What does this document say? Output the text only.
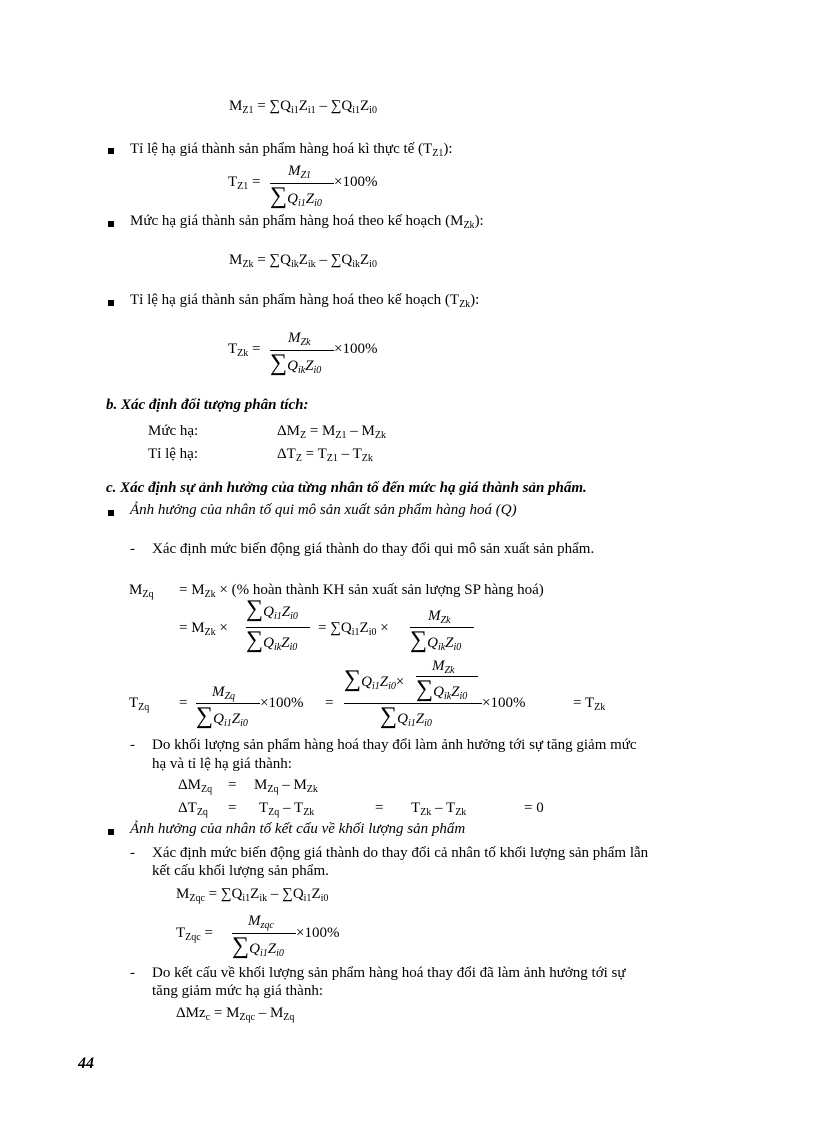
$M_{Z1} = \sum Q_{i1}Z_{i1} - \sum Q_{i1}Z_{i0}$
Tỉ lệ hạ giá thành sản phẩm hàng hoá kì thực tế $(T_{Z1})$:
$T_{Z1}$ =
$M_{Z1}$
$\sum Q_{i1}Z_{i0}$
×100%
Mức hạ giá thành sản phẩm hàng hoá theo kế hoạch $(M_{Zk})$:
$M_{Zk} = \sum Q_{ik}Z_{ik} - \sum Q_{ik}Z_{i0}$
Tỉ lệ hạ giá thành sản phẩm hàng hoá theo kế hoạch $(T_{Zk})$:
$T_{Zk}$ =
$M_{Zk}$
$\sum Q_{ik}Z_{i0}$
×100%
b. Xác định đối tượng phân tích:
Mức hạ:	$\Delta M_Z = M_{Z1} - M_{Zk}$
Tỉ lệ hạ:	$\Delta T_Z = T_{Z1} - T_{Zk}$
c. Xác định sự ảnh hưởng của từng nhân tố đến mức hạ giá thành sản phẩm.
Ảnh hưởng của nhân tố qui mô sản xuất sản phẩm hàng hoá (Q)
- Xác định mức biến động giá thành do thay đổi qui mô sản xuất sản phẩm.
$M_{Zq} = M_{Zk}$ × (% hoàn thành KH sản xuất sản lượng SP hàng hoá)
= $M_{Zk}$ ×
$\sum Q_{i1}Z_{i0}$
$\sum Q_{ik}Z_{i0}$
= $\sum Q_{i1}Z_{i0}$ ×
$M_{Zk}$
$\sum Q_{ik}Z_{i0}$
$T_{Zq}$ =
$M_{Zq}$
$\sum Q_{i1}Z_{i0}$
×100% =
$\sum Q_{i1}Z_{i0}\times$
$M_{Zk}$
$\sum Q_{ik}Z_{i0}$
$\sum Q_{i1}Z_{i0}$
×100%	= $T_{Zk}$
- Do khối lượng sản phẩm hàng hoá thay đổi làm ảnh hưởng tới sự tăng giảm mức
hạ và tỉ lệ hạ giá thành:
$\Delta M_{Zq} = M_{Zq} - M_{Zk}$
$\Delta T_{Zq} = T_{Zq} - T_{Zk}$	= $T_{Zk} - T_{Zk}$	= 0
Ảnh hưởng của nhân tố kết cấu về khối lượng sản phẩm
- Xác định mức biến động giá thành do thay đổi cả nhân tố khối lượng sản phẩm lẫn
kết cấu khối lượng sản phẩm.
$M_{Zqc} = \sum Q_{i1}Z_{ik} - \sum Q_{i1}Z_{i0}$
$T_{Zqc}$ =
$M_{zqc}$
$\sum Q_{i1}Z_{i0}$
×100%
- Do kết cấu về khối lượng sản phẩm hàng hoá thay đổi đã làm ảnh hưởng tới sự
tăng giảm mức hạ giá thành:
$\Delta Mz_c = M_{Zqc} - M_{Zq}$
44
